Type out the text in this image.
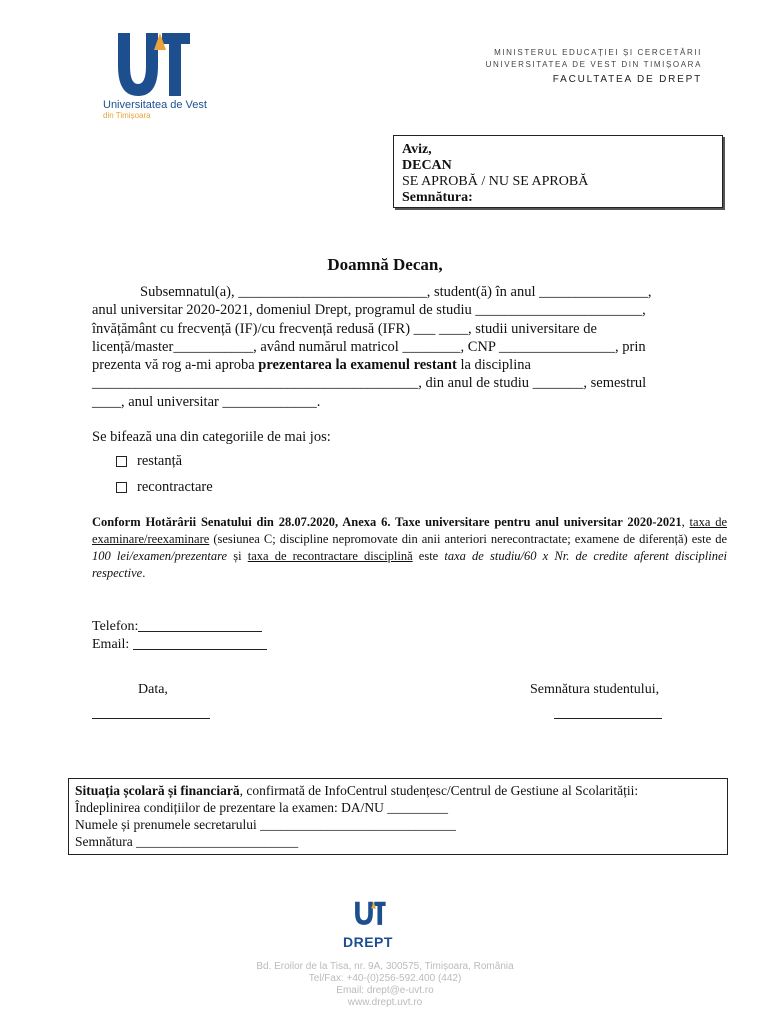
Universitatea de Vest
din Timișoara
MINISTERUL EDUCAȚIEI ȘI CERCETĂRII
UNIVERSITATEA DE VEST DIN TIMIȘOARA
FACULTATEA DE DREPT
Aviz,
DECAN
SE APROBĂ / NU SE APROBĂ
Semnătura:
Doamnă Decan,

Subsemnatul(a), __________________________, student(ă) în anul _______________,

anul universitar 2020-2021, domeniul Drept, programul de studiu _______________________,

învățământ cu frecvență (IF)/cu frecvență redusă (IFR) ___ ____, studii universitare de

licență/master___________, având numărul matricol ________, CNP ________________, prin

prezenta vă rog a-mi aproba prezentarea la examenul restant la disciplina

_____________________________________________, din anul de studiu _______, semestrul

____, anul universitar _____________.

Se bifează una din categoriile de mai jos:
restanță
recontractare
Conform Hotărârii Senatului din 28.07.2020, Anexa 6. Taxe universitare pentru anul universitar 2020-2021, taxa de examinare/reexaminare (sesiunea C; discipline nepromovate din anii anteriori nerecontractate; examene de diferență) este de 100 lei/examen/prezentare și taxa de recontractare disciplină este taxa de studiu/60 x Nr. de credite aferent disciplinei respective.
Telefon:
Email:
Data,	Semnătura studentului,
Situația școlară și financiară, confirmată de InfoCentrul studențesc/Centrul de Gestiune al Scolarității:
Îndeplinirea condițiilor de prezentare la examen: DA/NU _________
Numele și prenumele secretarului _____________________________
Semnătura ________________________
DREPT
Bd. Eroilor de la Tisa, nr. 9A, 300575, Timișoara, România
Tel/Fax: +40-(0)256-592.400 (442)
Email: drept@e-uvt.ro
www.drept.uvt.ro
